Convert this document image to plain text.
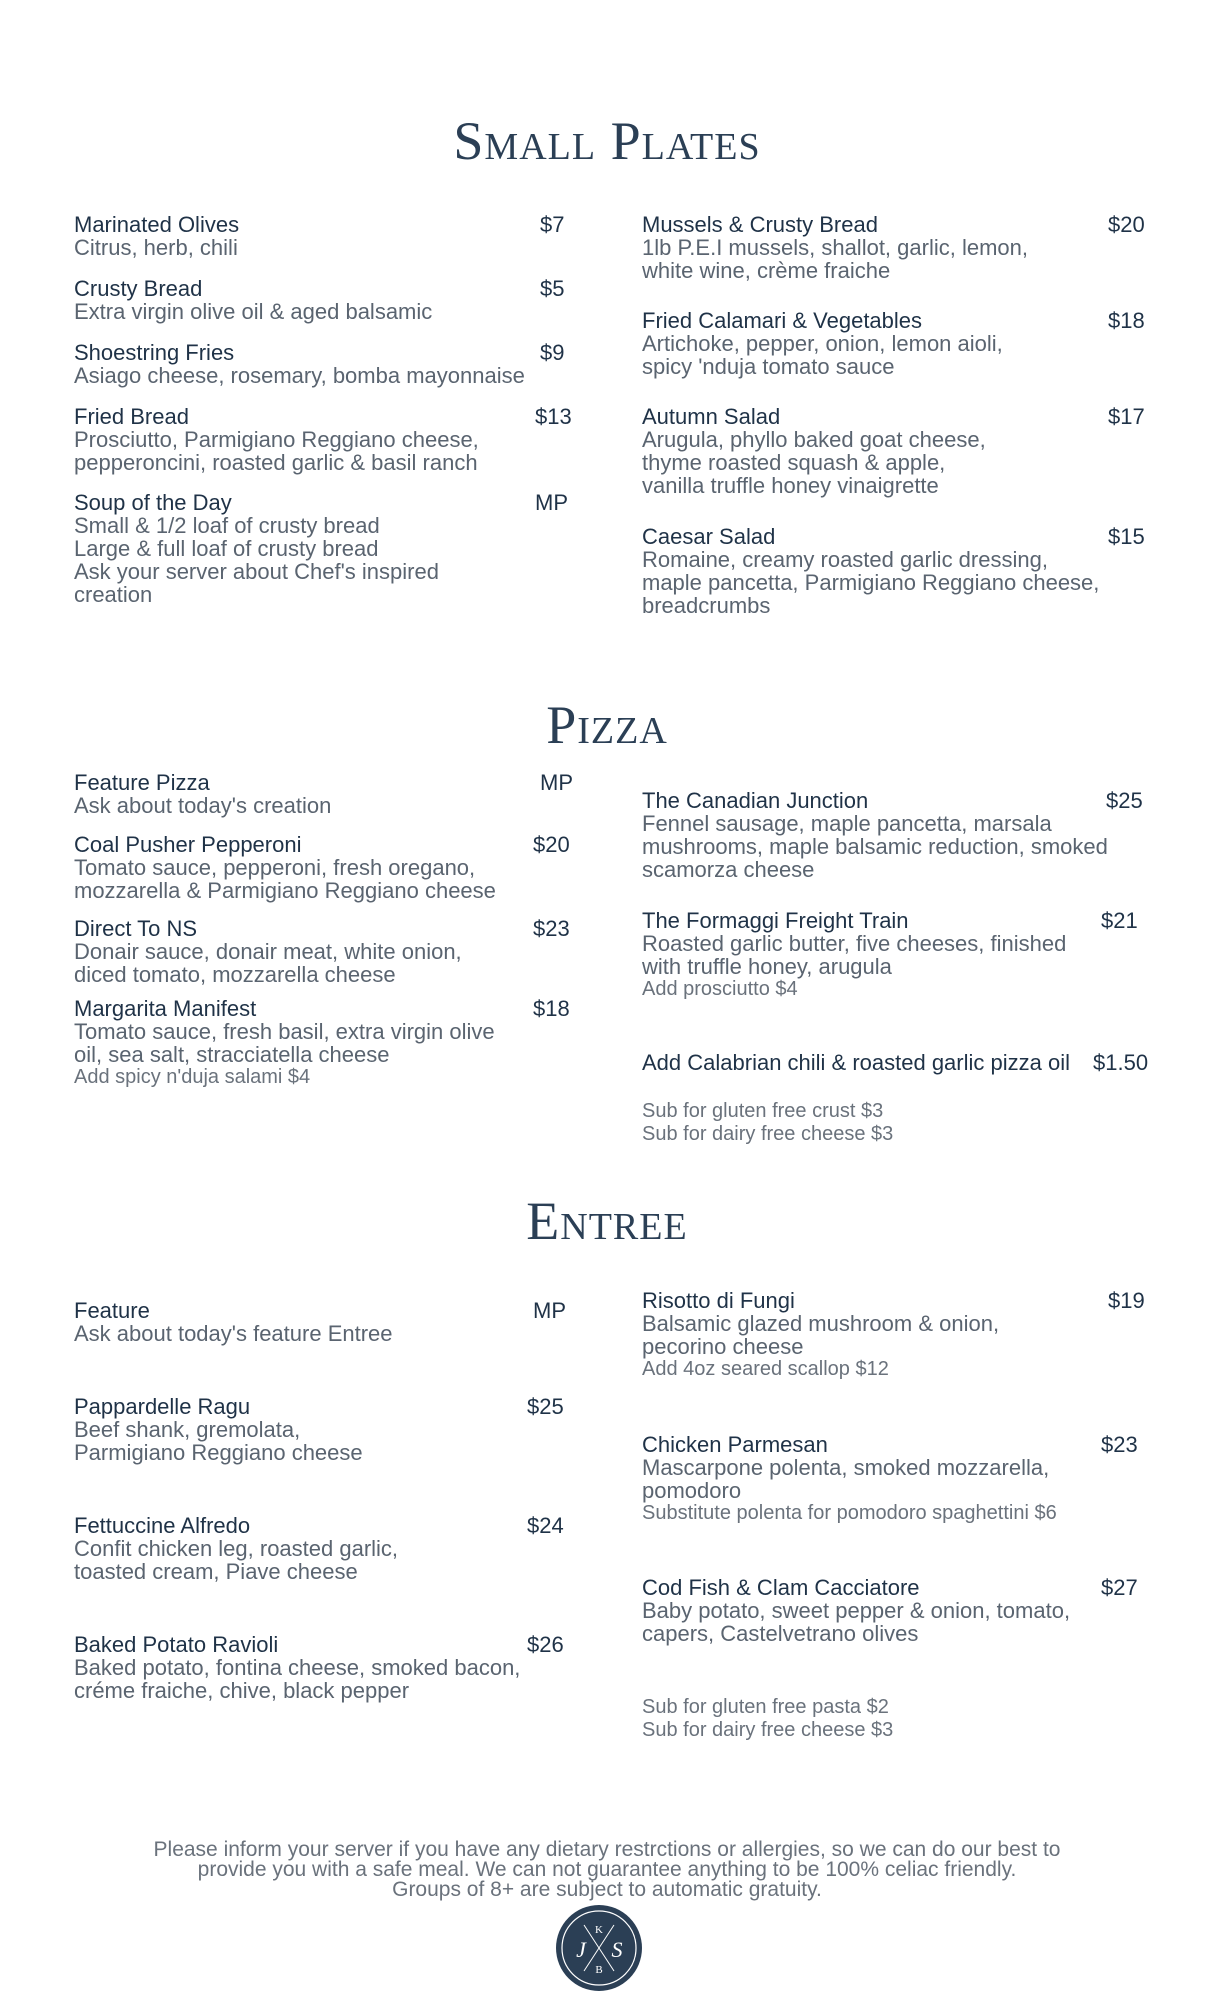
Small Plates
Marinated Olives
Citrus, herb, chili
$7
Crusty Bread
Extra virgin olive oil & aged balsamic
$5
Shoestring Fries
Asiago cheese, rosemary, bomba mayonnaise
$9
Fried Bread
Prosciutto, Parmigiano Reggiano cheese,
pepperoncini, roasted garlic & basil ranch
$13
Soup of the Day
Small & 1/2 loaf of crusty bread
Large & full loaf of crusty bread
Ask your server about Chef's inspired
creation
MP
Mussels & Crusty Bread
1lb P.E.I mussels, shallot, garlic, lemon,
white wine, crème fraiche
$20
Fried Calamari & Vegetables
Artichoke, pepper, onion, lemon aioli,
spicy 'nduja tomato sauce
$18
Autumn Salad
Arugula, phyllo baked goat cheese,
thyme roasted squash & apple,
vanilla truffle honey vinaigrette
$17
Caesar Salad
Romaine, creamy roasted garlic dressing,
maple pancetta, Parmigiano Reggiano cheese,
breadcrumbs
$15
Pizza
Feature Pizza
Ask about today's creation
MP
Coal Pusher Pepperoni
Tomato sauce, pepperoni, fresh oregano,
mozzarella & Parmigiano Reggiano cheese
$20
Direct To NS
Donair sauce, donair meat, white onion,
diced tomato, mozzarella cheese
$23
Margarita Manifest
Tomato sauce, fresh basil, extra virgin olive
oil, sea salt, stracciatella cheese
Add spicy n'duja salami $4
$18
The Canadian Junction
Fennel sausage, maple pancetta, marsala
mushrooms, maple balsamic reduction, smoked
scamorza cheese
$25
The Formaggi Freight Train
Roasted garlic butter, five cheeses, finished
with truffle honey, arugula
Add prosciutto $4
$21
Add Calabrian chili & roasted garlic pizza oil $1.50
Sub for gluten free crust $3
Sub for dairy free cheese $3
Entree
Feature
Ask about today's feature Entree
MP
Pappardelle Ragu
Beef shank, gremolata,
Parmigiano Reggiano cheese
$25
Fettuccine Alfredo
Confit chicken leg, roasted garlic,
toasted cream, Piave cheese
$24
Baked Potato Ravioli
Baked potato, fontina cheese, smoked bacon,
créme fraiche, chive, black pepper
$26
Risotto di Fungi
Balsamic glazed mushroom & onion,
pecorino cheese
Add 4oz seared scallop $12
$19
Chicken Parmesan
Mascarpone polenta, smoked mozzarella,
pomodoro
Substitute polenta for pomodoro spaghettini $6
$23
Cod Fish & Clam Cacciatore
Baby potato, sweet pepper & onion, tomato,
capers, Castelvetrano olives
$27
Sub for gluten free pasta $2
Sub for dairy free cheese $3
Please inform your server if you have any dietary restrctions or allergies, so we can do our best to
provide you with a safe meal. We can not guarantee anything to be 100% celiac friendly.
Groups of 8+ are subject to automatic gratuity.
K
J S
B
